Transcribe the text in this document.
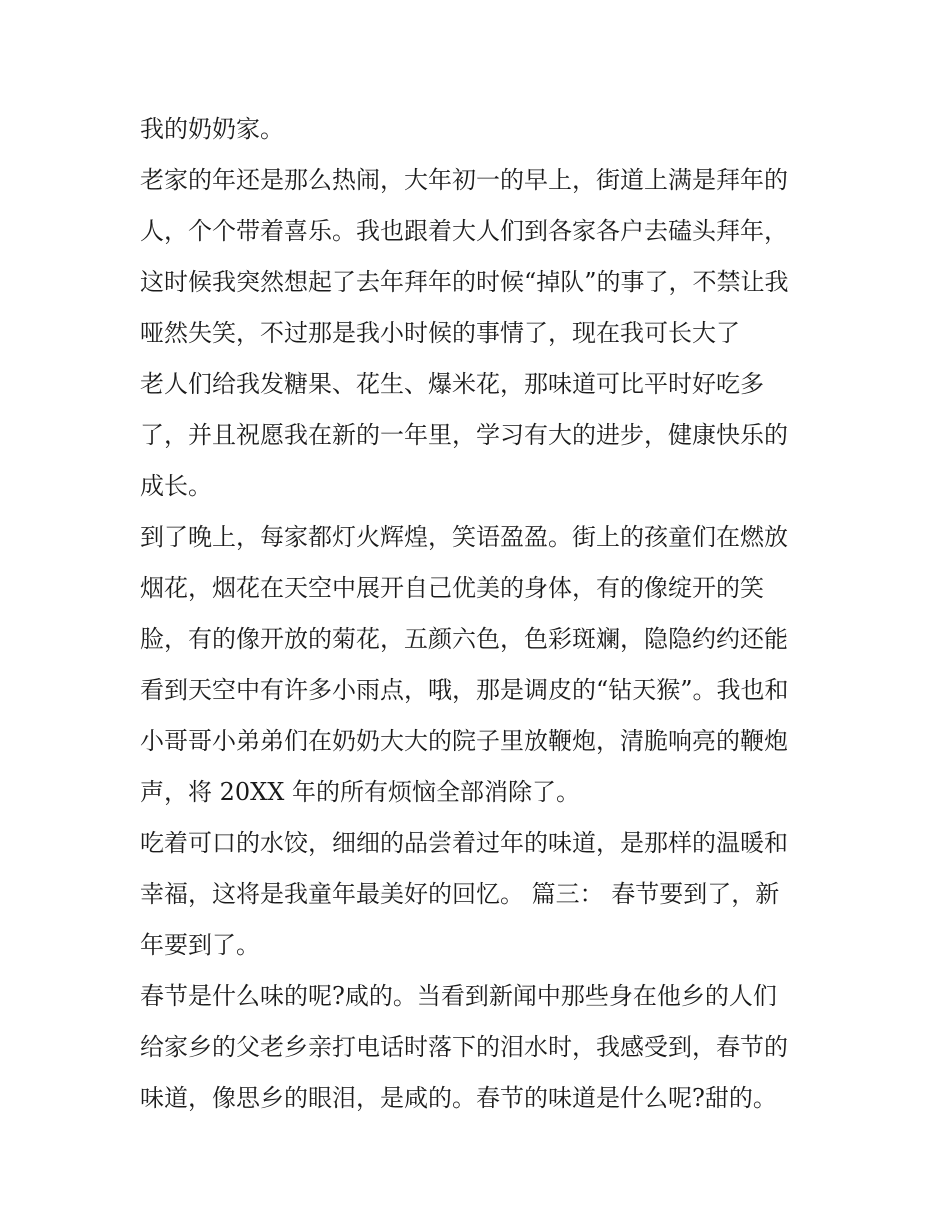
我的奶奶家。
老家的年还是那么热闹，大年初一的早上，街道上满是拜年的
人，个个带着喜乐。我也跟着大人们到各家各户去磕头拜年，
这时候我突然想起了去年拜年的时候“掉队”的事了，不禁让我
哑然失笑，不过那是我小时候的事情了，现在我可长大了
老人们给我发糖果、花生、爆米花，那味道可比平时好吃多
了，并且祝愿我在新的一年里，学习有大的进步，健康快乐的
成长。
到了晚上，每家都灯火辉煌，笑语盈盈。街上的孩童们在燃放
烟花，烟花在天空中展开自己优美的身体，有的像绽开的笑
脸，有的像开放的菊花，五颜六色，色彩斑斓，隐隐约约还能
看到天空中有许多小雨点，哦，那是调皮的“钻天猴”。我也和
小哥哥小弟弟们在奶奶大大的院子里放鞭炮，清脆响亮的鞭炮
声，将 20XX 年的所有烦恼全部消除了。
吃着可口的水饺，细细的品尝着过年的味道，是那样的温暖和
幸福，这将是我童年最美好的回忆。 篇三： 春节要到了，新
年要到了。
春节是什么味的呢?咸的。当看到新闻中那些身在他乡的人们
给家乡的父老乡亲打电话时落下的泪水时，我感受到，春节的
味道，像思乡的眼泪，是咸的。春节的味道是什么呢?甜的。
